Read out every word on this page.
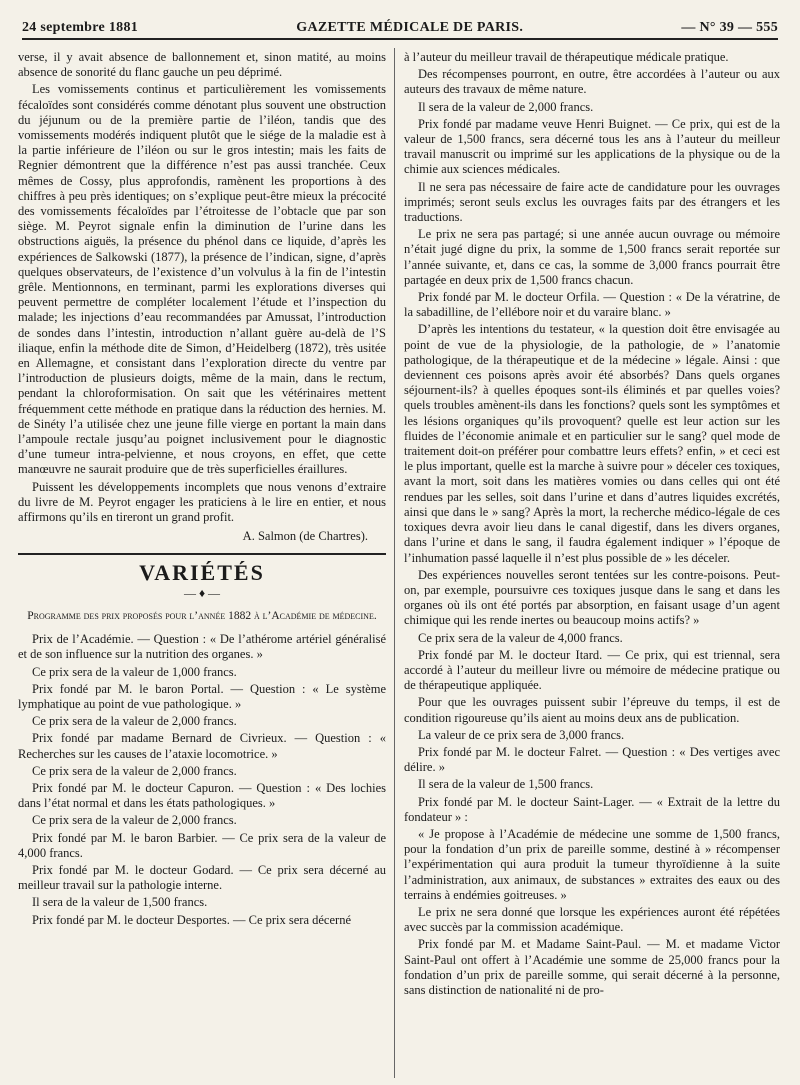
24 septembre 1881	GAZETTE MÉDICALE DE PARIS.	— N° 39 — 555

verse, il y avait absence de ballonnement et, sinon matité, au moins absence de sonorité du flanc gauche un peu déprimé.

Les vomissements continus et particulièrement les vomissements fécaloïdes sont considérés comme dénotant plus souvent une obstruction du jéjunum ou de la première partie de l’iléon, tandis que des vomissements modérés indiquent plutôt que le siége de la maladie est à la partie inférieure de l’iléon ou sur le gros intestin; mais les faits de Regnier démontrent que la différence n’est pas aussi tranchée. Ceux mêmes de Cossy, plus approfondis, ramènent les proportions à des chiffres à peu près identiques; on s’explique peut-être mieux la précocité des vomissements fécaloïdes par l’étroitesse de l’obtacle que par son siège. M. Peyrot signale enfin la diminution de l’urine dans les obstructions aiguës, la présence du phénol dans ce liquide, d’après les expériences de Salkowski (1877), la présence de l’indican, signe, d’après quelques observateurs, de l’existence d’un volvulus à la fin de l’intestin grêle. Mentionnons, en terminant, parmi les explorations diverses qui peuvent permettre de compléter localement l’étude et l’inspection du malade; les injections d’eau recommandées par Amussat, l’introduction de sondes dans l’intestin, introduction n’allant guère au-delà de l’S iliaque, enfin la méthode dite de Simon, d’Heidelberg (1872), très usitée en Allemagne, et consistant dans l’exploration directe du ventre par l’introduction de plusieurs doigts, même de la main, dans le rectum, pendant la chloroformisation. On sait que les vétérinaires mettent fréquemment cette méthode en pratique dans la réduction des hernies. M. de Sinéty l’a utilisée chez une jeune fille vierge en portant la main dans l’ampoule rectale jusqu’au poignet inclusivement pour le diagnostic d’une tumeur intra-pelvienne, et nous croyons, en effet, que cette manœuvre ne saurait produire que de très superficielles éraillures.

Puissent les développements incomplets que nous venons d’extraire du livre de M. Peyrot engager les praticiens à le lire en entier, et nous affirmons qu’ils en tireront un grand profit.

A. Salmon (de Chartres).
VARIÉTÉS
— ♦ —
Programme des prix proposés pour l’année 1882 à l’Académie de médecine.

Prix de l’Académie. — Question : « De l’athérome artériel généralisé et de son influence sur la nutrition des organes. »

Ce prix sera de la valeur de 1,000 francs.

Prix fondé par M. le baron Portal. — Question : « Le système lymphatique au point de vue pathologique. »

Ce prix sera de la valeur de 2,000 francs.

Prix fondé par madame Bernard de Civrieux. — Question : « Recherches sur les causes de l’ataxie locomotrice. »

Ce prix sera de la valeur de 2,000 francs.

Prix fondé par M. le docteur Capuron. — Question : « Des lochies dans l’état normal et dans les états pathologiques. »

Ce prix sera de la valeur de 2,000 francs.

Prix fondé par M. le baron Barbier. — Ce prix sera de la valeur de 4,000 francs.

Prix fondé par M. le docteur Godard. — Ce prix sera décerné au meilleur travail sur la pathologie interne.

Il sera de la valeur de 1,500 francs.

Prix fondé par M. le docteur Desportes. — Ce prix sera décerné

à l’auteur du meilleur travail de thérapeutique médicale pratique.

Des récompenses pourront, en outre, être accordées à l’auteur ou aux auteurs des travaux de même nature.

Il sera de la valeur de 2,000 francs.

Prix fondé par madame veuve Henri Buignet. — Ce prix, qui est de la valeur de 1,500 francs, sera décerné tous les ans à l’auteur du meilleur travail manuscrit ou imprimé sur les applications de la physique ou de la chimie aux sciences médicales.

Il ne sera pas nécessaire de faire acte de candidature pour les ouvrages imprimés; seront seuls exclus les ouvrages faits par des étrangers et les traductions.

Le prix ne sera pas partagé; si une année aucun ouvrage ou mémoire n’était jugé digne du prix, la somme de 1,500 francs serait reportée sur l’année suivante, et, dans ce cas, la somme de 3,000 francs pourrait être partagée en deux prix de 1,500 francs chacun.

Prix fondé par M. le docteur Orfila. — Question : « De la vératrine, de la sabadilline, de l’ellébore noir et du varaire blanc. »

D’après les intentions du testateur, « la question doit être envisagée au point de vue de la physiologie, de la pathologie, de » l’anatomie pathologique, de la thérapeutique et de la médecine » légale. Ainsi : que deviennent ces poisons après avoir été absorbés? Dans quels organes séjournent-ils? à quelles époques sont-ils éliminés et par quelles voies? quels troubles amènent-ils dans les fonctions? quels sont les symptômes et les lésions organiques qu’ils provoquent? quelle est leur action sur les fluides de l’économie animale et en particulier sur le sang? quel mode de traitement doit-on préférer pour combattre leurs effets? enfin, » et ceci est le plus important, quelle est la marche à suivre pour » déceler ces toxiques, avant la mort, soit dans les matières vomies ou dans celles qui ont été rendues par les selles, soit dans l’urine et dans d’autres liquides excrétés, ainsi que dans le » sang? Après la mort, la recherche médico-légale de ces toxiques devra avoir lieu dans le canal digestif, dans les divers organes, dans l’urine et dans le sang, il faudra également indiquer » l’époque de l’inhumation passé laquelle il n’est plus possible de » les déceler.

Des expériences nouvelles seront tentées sur les contre-poisons. Peut-on, par exemple, poursuivre ces toxiques jusque dans le sang et dans les organes où ils ont été portés par absorption, en faisant usage d’un agent chimique qui les rende inertes ou beaucoup moins actifs? »

Ce prix sera de la valeur de 4,000 francs.

Prix fondé par M. le docteur Itard. — Ce prix, qui est triennal, sera accordé à l’auteur du meilleur livre ou mémoire de médecine pratique ou de thérapeutique appliquée.

Pour que les ouvrages puissent subir l’épreuve du temps, il est de condition rigoureuse qu’ils aient au moins deux ans de publication.

La valeur de ce prix sera de 3,000 francs.

Prix fondé par M. le docteur Falret. — Question : « Des vertiges avec délire. »

Il sera de la valeur de 1,500 francs.

Prix fondé par M. le docteur Saint-Lager. — « Extrait de la lettre du fondateur » :

« Je propose à l’Académie de médecine une somme de 1,500 francs, pour la fondation d’un prix de pareille somme, destiné à » récompenser l’expérimentation qui aura produit la tumeur thyroïdienne à la suite l’administration, aux animaux, de substances » extraites des eaux ou des terrains à endémies goitreuses. »

Le prix ne sera donné que lorsque les expériences auront été répétées avec succès par la commission académique.

Prix fondé par M. et Madame Saint-Paul. — M. et madame Victor Saint-Paul ont offert à l’Académie une somme de 25,000 francs pour la fondation d’un prix de pareille somme, qui serait décerné à la personne, sans distinction de nationalité ni de pro-
